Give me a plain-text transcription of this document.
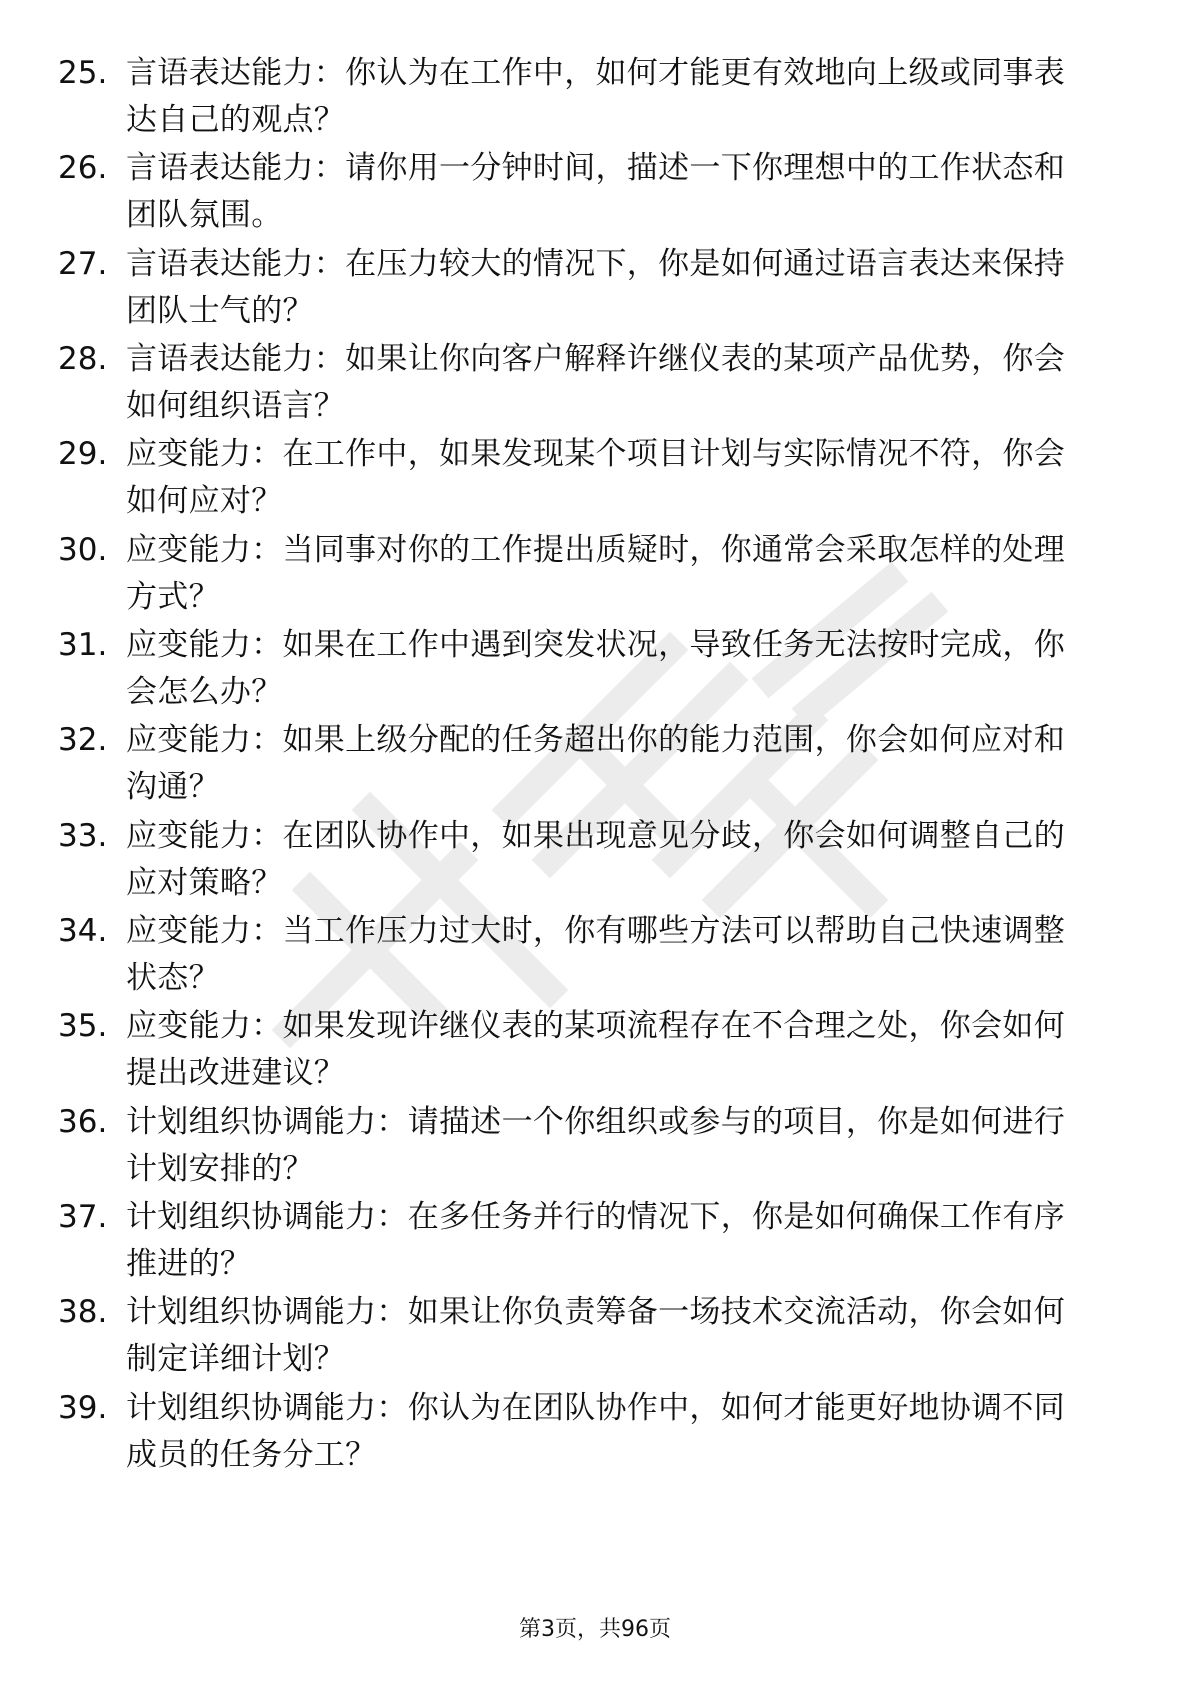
25. 言语表达能力：你认为在工作中，如何才能更有效地向上级或同事表达自己的观点？
26. 言语表达能力：请你用一分钟时间，描述一下你理想中的工作状态和团队氛围。
27. 言语表达能力：在压力较大的情况下，你是如何通过语言表达来保持团队士气的？
28. 言语表达能力：如果让你向客户解释许继仪表的某项产品优势，你会如何组织语言？
29. 应变能力：在工作中，如果发现某个项目计划与实际情况不符，你会如何应对？
30. 应变能力：当同事对你的工作提出质疑时，你通常会采取怎样的处理方式？
31. 应变能力：如果在工作中遇到突发状况，导致任务无法按时完成，你会怎么办？
32. 应变能力：如果上级分配的任务超出你的能力范围，你会如何应对和沟通？
33. 应变能力：在团队协作中，如果出现意见分歧，你会如何调整自己的应对策略？
34. 应变能力：当工作压力过大时，你有哪些方法可以帮助自己快速调整状态？
35. 应变能力：如果发现许继仪表的某项流程存在不合理之处，你会如何提出改进建议？
36. 计划组织协调能力：请描述一个你组织或参与的项目，你是如何进行计划安排的？
37. 计划组织协调能力：在多任务并行的情况下，你是如何确保工作有序推进的？
38. 计划组织协调能力：如果让你负责筹备一场技术交流活动，你会如何制定详细计划？
39. 计划组织协调能力：你认为在团队协作中，如何才能更好地协调不同成员的任务分工？
第3页，共96页
